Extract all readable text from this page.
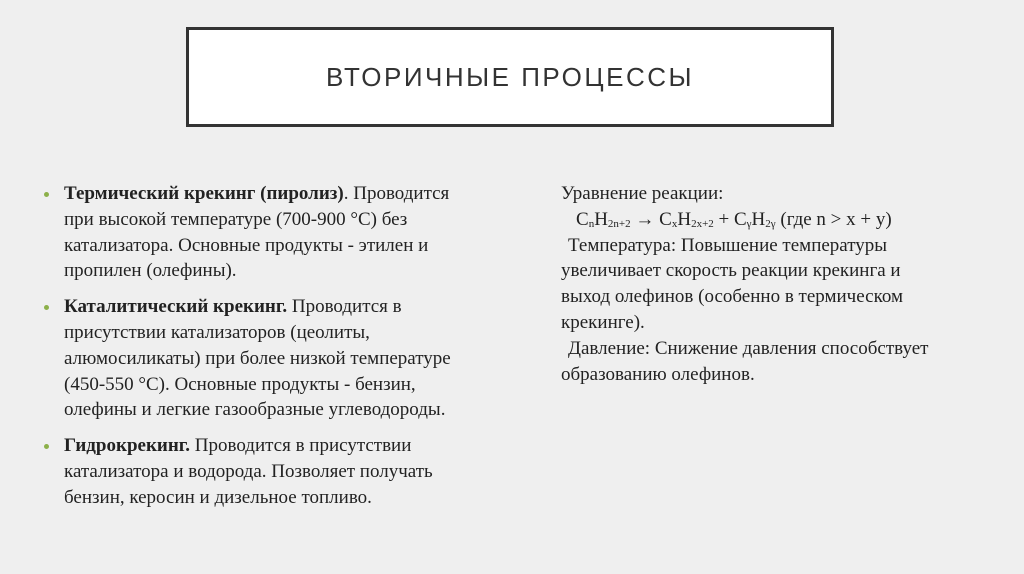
ВТОРИЧНЫЕ ПРОЦЕССЫ
Термический крекинг (пиролиз). Проводится
при высокой температуре (700-900 °C) без
катализатора. Основные продукты - этилен и
пропилен (олефины).
Каталитический крекинг. Проводится в
присутствии катализаторов (цеолиты,
алюмосиликаты) при более низкой температуре
(450-550 °C). Основные продукты - бензин,
олефины и легкие газообразные углеводороды.
Гидрокрекинг. Проводится в присутствии
катализатора и водорода. Позволяет получать
бензин, керосин и дизельное топливо.
Уравнение реакции:
$C_nH_{2n+2} \to C_xH_{2x+2} + C_\gamma H_{2\gamma}$ (где n > x + y)
Температура: Повышение температуры
увеличивает скорость реакции крекинга и
выход олефинов (особенно в термическом
крекинге).
Давление: Снижение давления способствует
образованию олефинов.
